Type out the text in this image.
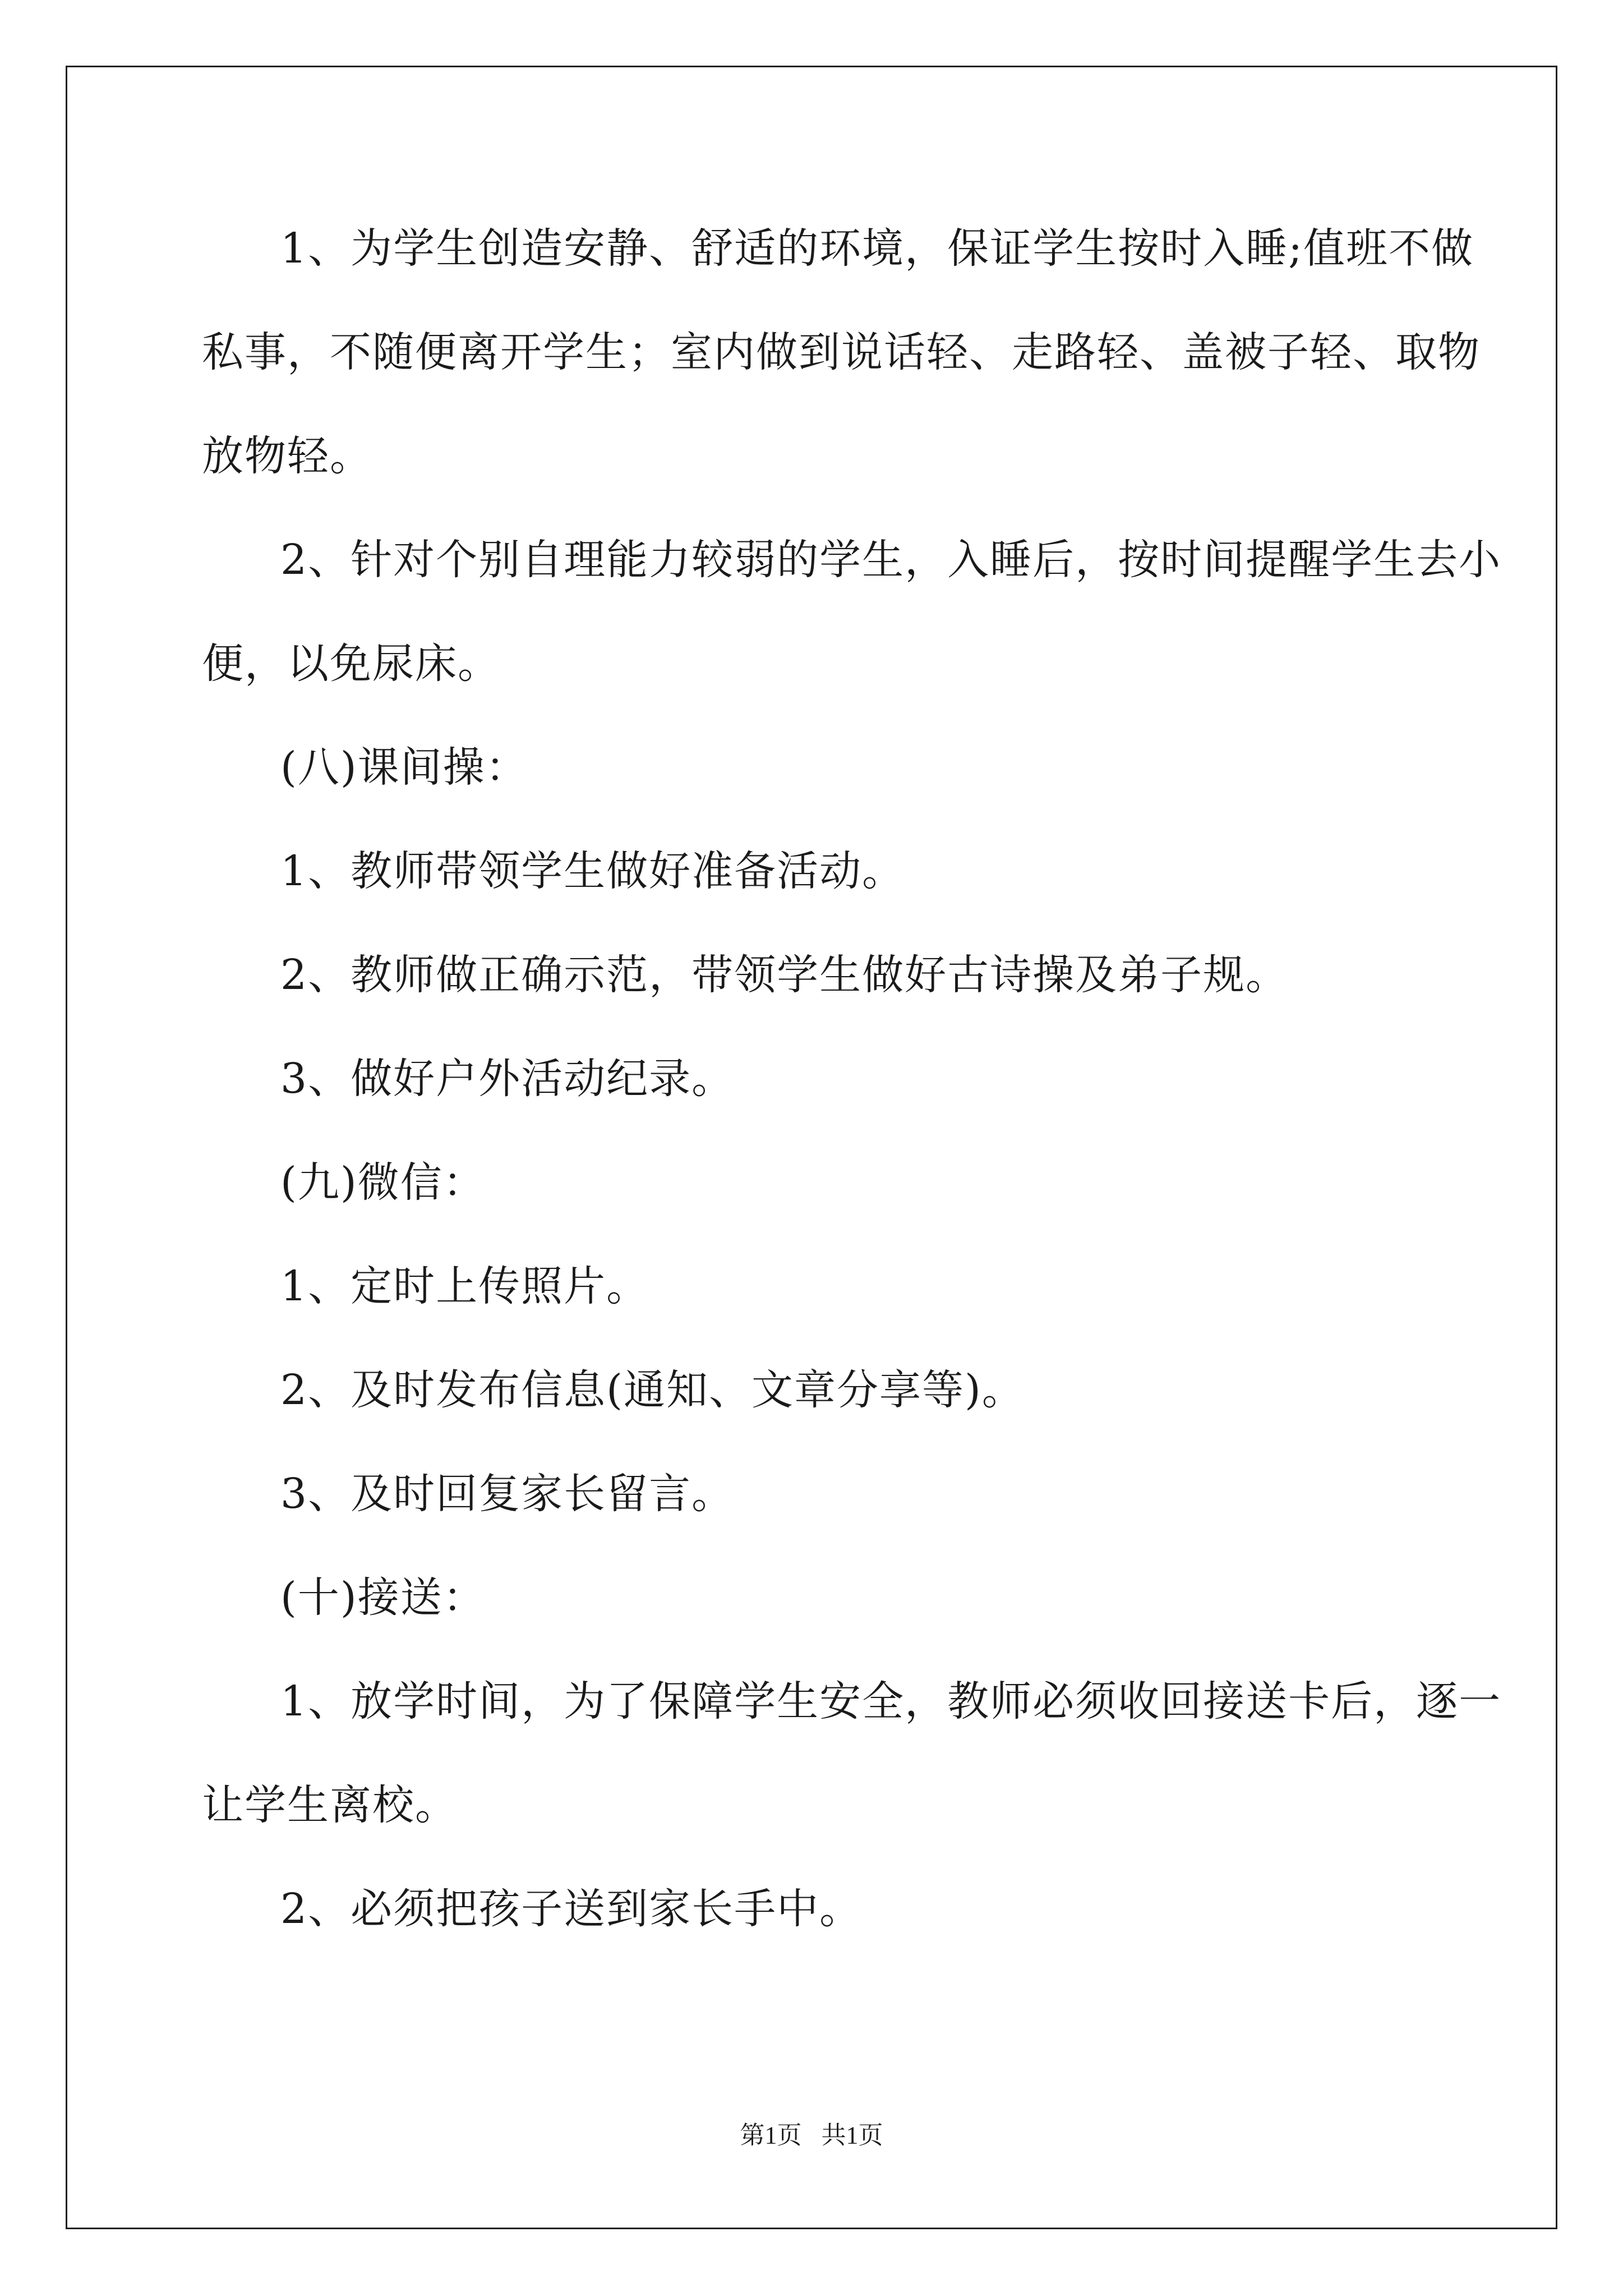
1、为学生创造安静、舒适的环境，保证学生按时入睡;值班不做
私事，不随便离开学生；室内做到说话轻、走路轻、盖被子轻、取物
放物轻。
2、针对个别自理能力较弱的学生，入睡后，按时间提醒学生去小
便，以免尿床。
(八)课间操：
1、教师带领学生做好准备活动。
2、教师做正确示范，带领学生做好古诗操及弟子规。
3、做好户外活动纪录。
(九)微信：
1、定时上传照片。
2、及时发布信息(通知、文章分享等)。
3、及时回复家长留言。
(十)接送：
1、放学时间，为了保障学生安全，教师必须收回接送卡后，逐一
让学生离校。
2、必须把孩子送到家长手中。
第1页 共1页
